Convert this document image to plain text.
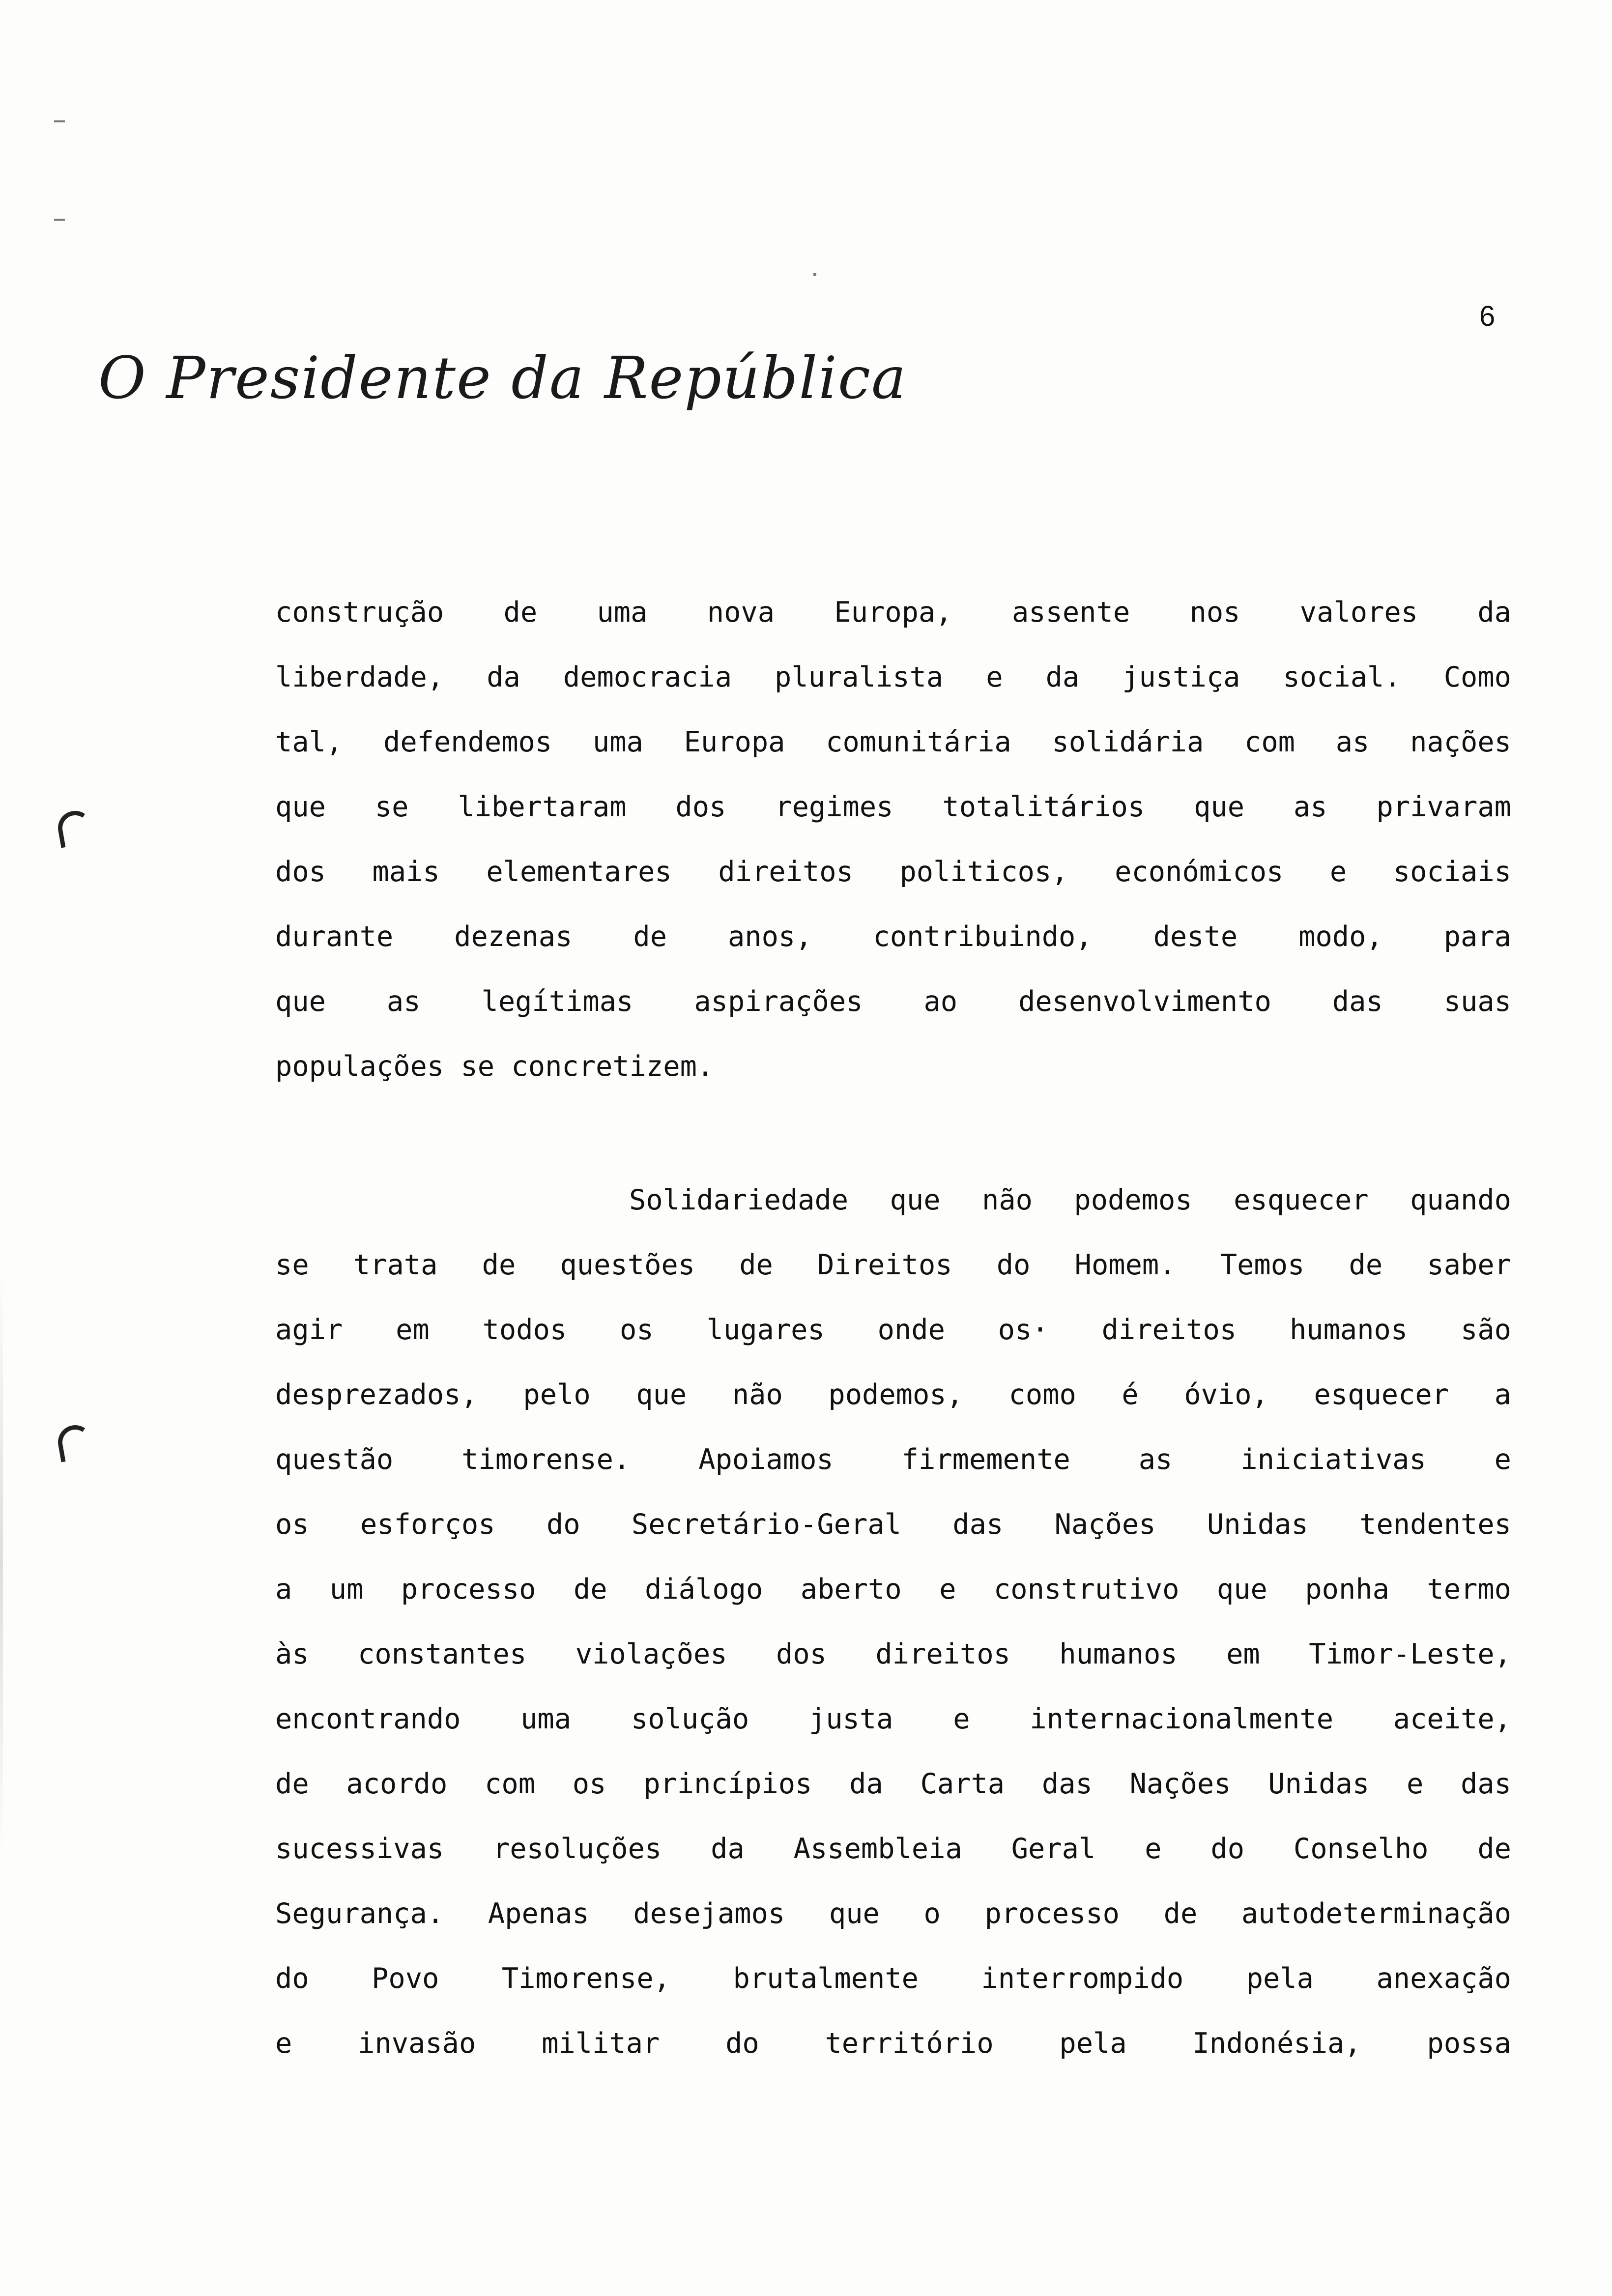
6
O Presidente da República
construção de uma nova Europa, assente nos valores da
liberdade, da democracia pluralista e da justiça social. Como
tal, defendemos uma Europa comunitária solidária com as nações
que se libertaram dos regimes totalitários que as privaram
dos mais elementares direitos politicos, económicos e sociais
durante dezenas de anos, contribuindo, deste modo, para
que as legítimas aspirações ao desenvolvimento das suas
populações se concretizem.
Solidariedade que não podemos esquecer quando
se trata de questões de Direitos do Homem. Temos de saber
agir em todos os lugares onde os· direitos humanos são
desprezados, pelo que não podemos, como é óvio, esquecer a
questão timorense. Apoiamos firmemente as iniciativas e
os esforços do Secretário-Geral das Nações Unidas tendentes
a um processo de diálogo aberto e construtivo que ponha termo
às constantes violações dos direitos humanos em Timor-Leste,
encontrando uma solução justa e internacionalmente aceite,
de acordo com os princípios da Carta das Nações Unidas e das
sucessivas resoluções da Assembleia Geral e do Conselho de
Segurança. Apenas desejamos que o processo de autodeterminação
do Povo Timorense, brutalmente interrompido pela anexação
e invasão militar do território pela Indonésia, possa
